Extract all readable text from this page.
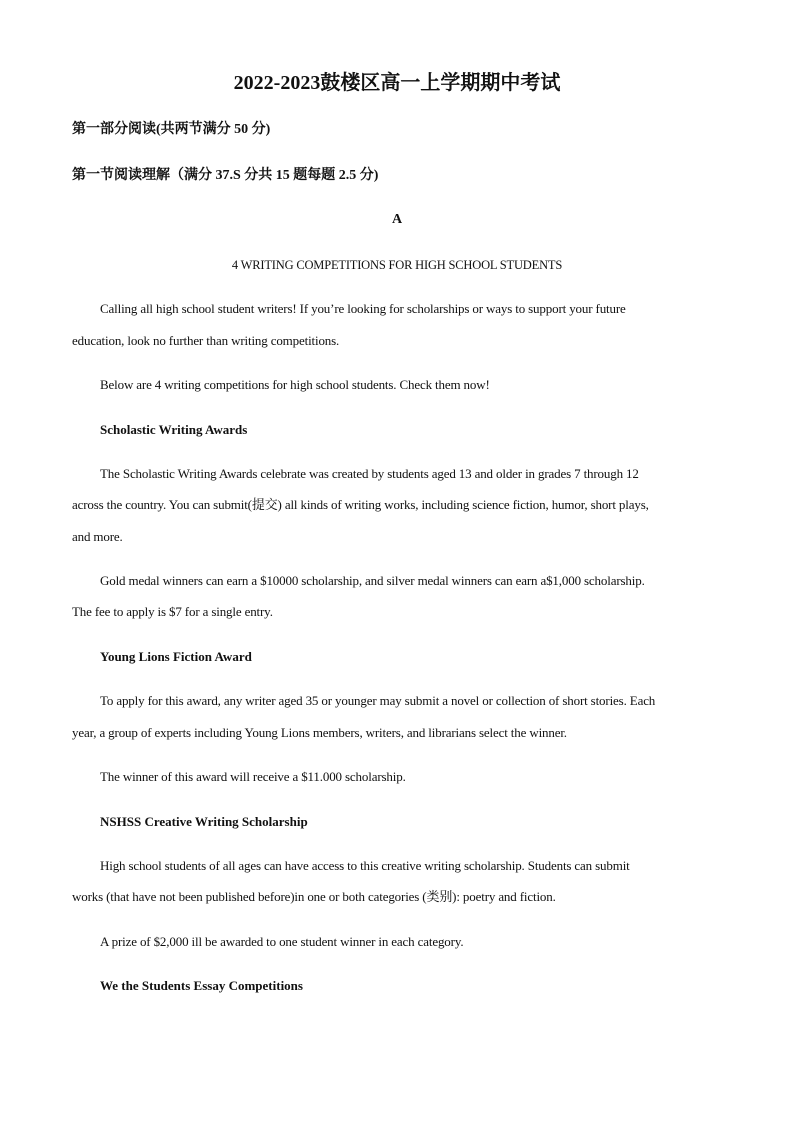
2022-2023鼓楼区高一上学期期中考试
第一部分阅读(共两节满分 50 分)
第一节阅读理解（满分 37.S 分共 15 题每题 2.5 分)
A
4 WRITING COMPETITIONS FOR HIGH SCHOOL STUDENTS
Calling all high school student writers! If you’re looking for scholarships or ways to support your future
education, look no further than writing competitions.
Below are 4 writing competitions for high school students. Check them now!
Scholastic Writing Awards
The Scholastic Writing Awards celebrate was created by students aged 13 and older in grades 7 through 12
across the country. You can submit(提交) all kinds of writing works, including science fiction, humor, short plays,
and more.
Gold medal winners can earn a $10000 scholarship, and silver medal winners can earn a$1,000 scholarship.
The fee to apply is $7 for a single entry.
Young Lions Fiction Award
To apply for this award, any writer aged 35 or younger may submit a novel or collection of short stories. Each
year, a group of experts including Young Lions members, writers, and librarians select the winner.
The winner of this award will receive a $11.000 scholarship.
NSHSS Creative Writing Scholarship
High school students of all ages can have access to this creative writing scholarship. Students can submit
works (that have not been published before)in one or both categories (类别): poetry and fiction.
A prize of $2,000 ill be awarded to one student winner in each category.
We the Students Essay Competitions
